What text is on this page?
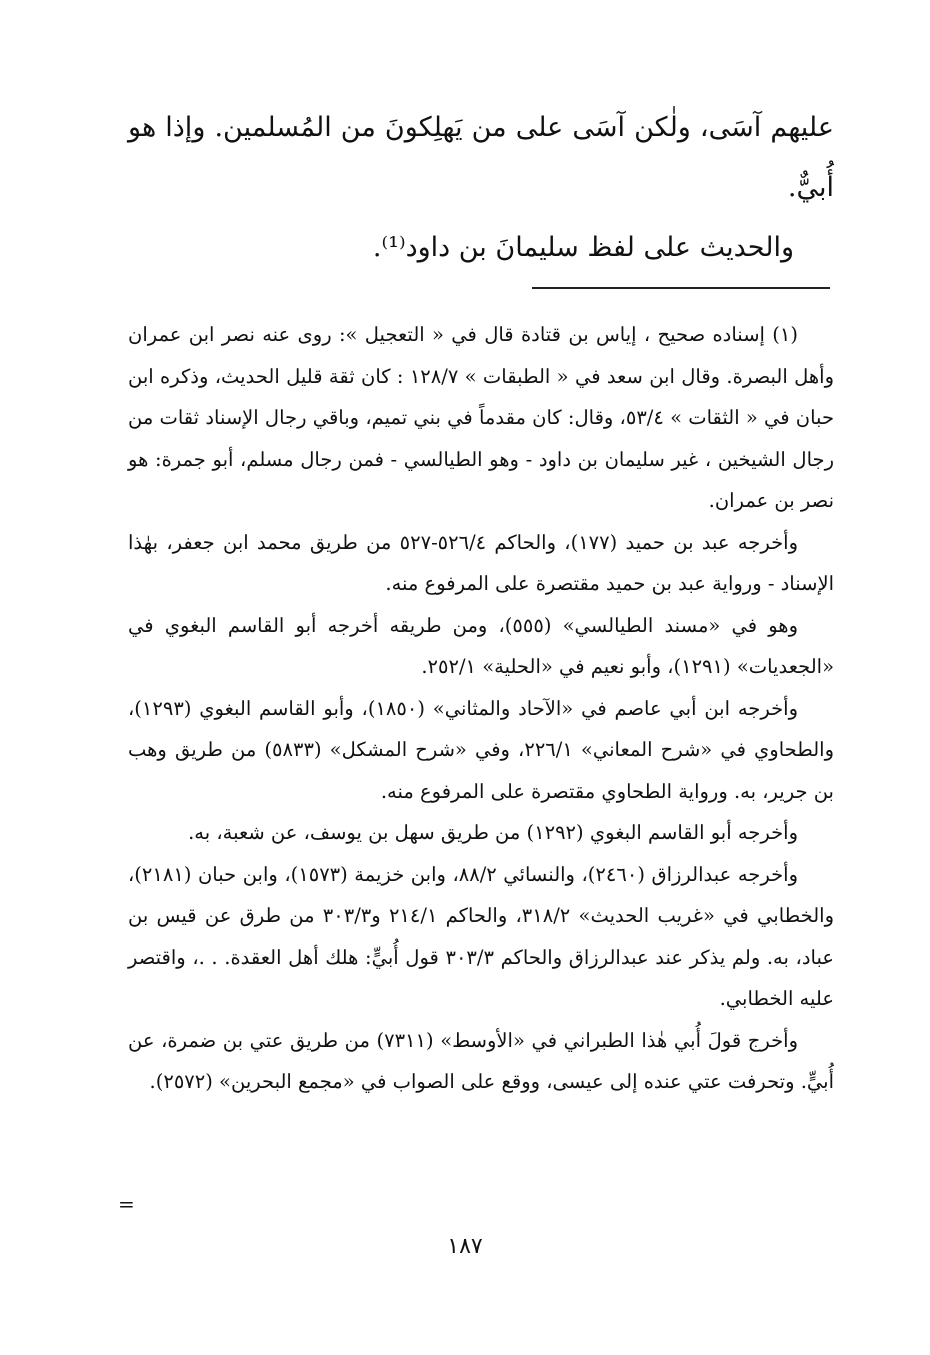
عليهم آسَى، ولٰكن آسَى على من يَهلِكونَ من المُسلمين. وإذا هو أُبيٌّ.

والحديث على لفظ سليمانَ بن داود⁽¹⁾.

(١) إسناده صحيح ، إياس بن قتادة قال في « التعجيل »: روى عنه نصر ابن عمران وأهل البصرة. وقال ابن سعد في « الطبقات » ١٢٨/٧ : كان ثقة قليل الحديث، وذكره ابن حبان في « الثقات » ٥٣/٤، وقال: كان مقدماً في بني تميم، وباقي رجال الإسناد ثقات من رجال الشيخين ، غير سليمان بن داود - وهو الطيالسي - فمن رجال مسلم، أبو جمرة: هو نصر بن عمران.

وأخرجه عبد بن حميد (١٧٧)، والحاكم ٥٢٦/٤-٥٢٧ من طريق محمد ابن جعفر، بهٰذا الإسناد - ورواية عبد بن حميد مقتصرة على المرفوع منه.

وهو في «مسند الطيالسي» (٥٥٥)، ومن طريقه أخرجه أبو القاسم البغوي في «الجعديات» (١٢٩١)، وأبو نعيم في «الحلية» ٢٥٢/١.

وأخرجه ابن أبي عاصم في «الآحاد والمثاني» (١٨٥٠)، وأبو القاسم البغوي (١٢٩٣)، والطحاوي في «شرح المعاني» ٢٢٦/١، وفي «شرح المشكل» (٥٨٣٣) من طريق وهب بن جرير، به. ورواية الطحاوي مقتصرة على المرفوع منه.

وأخرجه أبو القاسم البغوي (١٢٩٢) من طريق سهل بن يوسف، عن شعبة، به.

وأخرجه عبدالرزاق (٢٤٦٠)، والنسائي ٨٨/٢، وابن خزيمة (١٥٧٣)، وابن حبان (٢١٨١)، والخطابي في «غريب الحديث» ٣١٨/٢، والحاكم ٢١٤/١ و٣٠٣/٣ من طرق عن قيس بن عباد، به. ولم يذكر عند عبدالرزاق والحاكم ٣٠٣/٣ قول أُبيٍّ: هلك أهل العقدة. . .، واقتصر عليه الخطابي.

وأخرج قولَ أُبي هٰذا الطبراني في «الأوسط» (٧٣١١) من طريق عتي بن ضمرة، عن أُبيٍّ. وتحرفت عتي عنده إلى عيسى، ووقع على الصواب في «مجمع البحرين» (٢٥٧٢).

=
١٨٧
